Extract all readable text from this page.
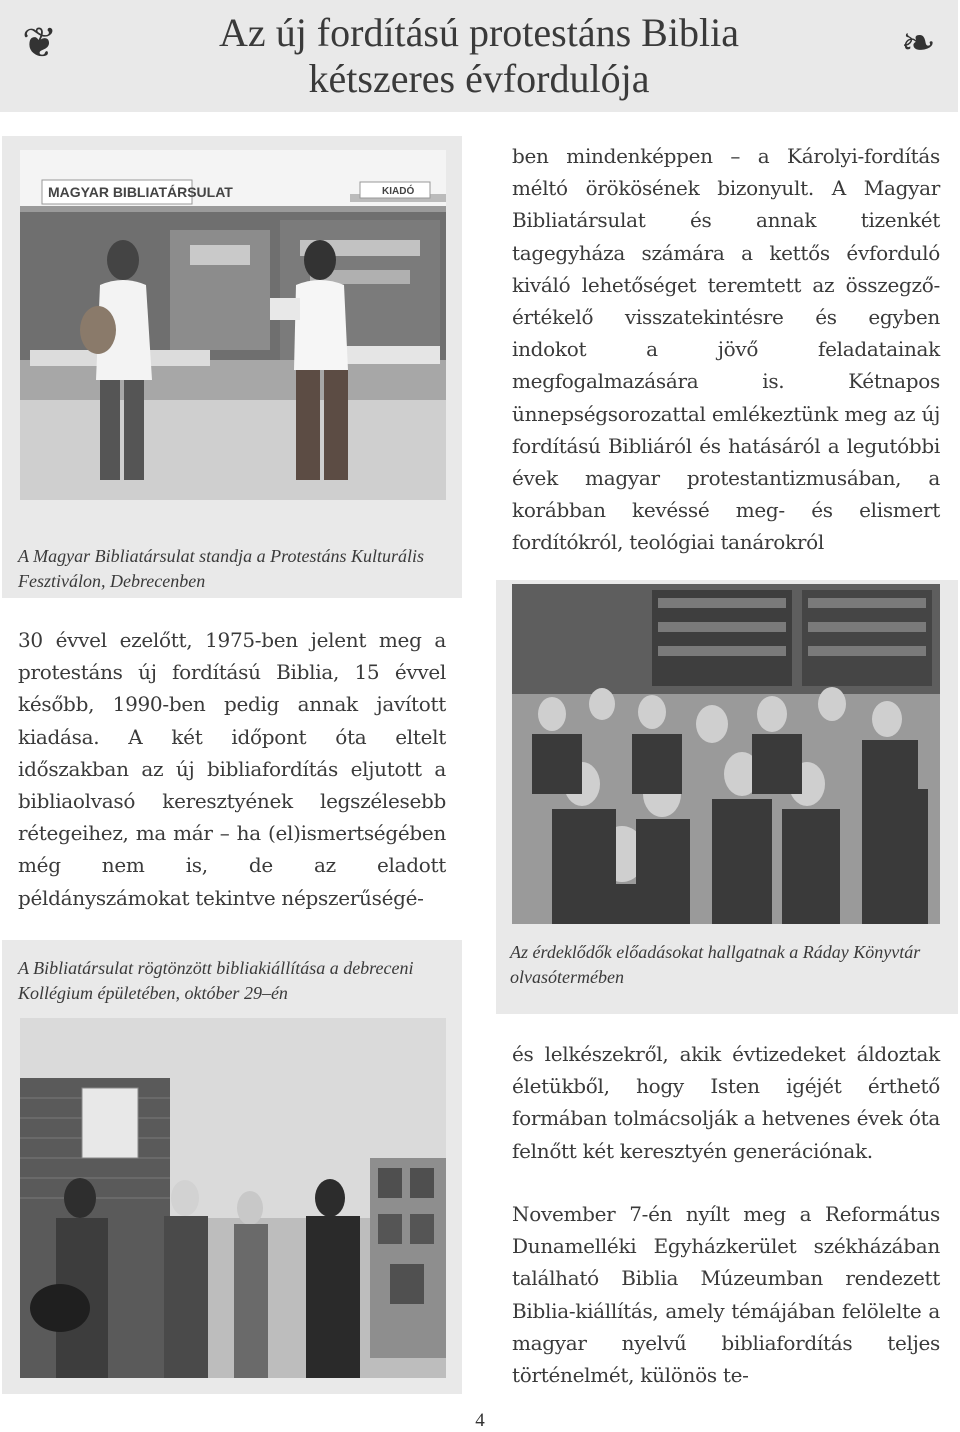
❦	Az új fordítású protestáns Biblia
kétszeres évfordulója
❧
MAGYAR BIBLIATÁRSULAT	KIADÓ

A Magyar Bibliatársulat standja a Protestáns Kulturális Fesztiválon, Debrecenben

30 évvel ezelőtt, 1975-ben jelent meg a protestáns új fordítású Biblia, 15 évvel később, 1990-ben pedig annak javított kiadása. A két időpont óta eltelt időszakban az új bibliafordítás eljutott a bibliaolvasó keresztyének legszélesebb rétegeihez, ma már – ha (el)ismertségében még nem is, de az eladott példányszámokat tekintve népszerűségé-

A Bibliatársulat rögtönzött bibliakiállítása a debreceni Kollégium épületében, október 29–én

ben mindenképpen – a Károlyi-fordítás méltó örökösének bizonyult. A Magyar Bibliatársulat és annak tizenkét tagegyháza számára a kettős évforduló kiváló lehetőséget teremtett az összegző-értékelő visszatekintésre és egyben indokot a jövő feladatainak megfogalmazására is. Kétnapos ünnepségsorozattal emlékeztünk meg az új fordítású Bibliáról és hatásáról a legutóbbi évek magyar protestantizmusában, a korábban kevéssé meg- és elismert fordítókról, teológiai tanárokról

Az érdeklődők előadásokat hallgatnak a Ráday Könyvtár olvasótermében

és lelkészekről, akik évtizedeket áldoztak életükből, hogy Isten igéjét érthető formában tolmácsolják a hetvenes évek óta felnőtt két keresztyén generációnak.

November 7-én nyílt meg a Református Dunamelléki Egyházkerület székházában található Biblia Múzeumban rendezett Biblia-kiállítás, amely témájában felölelte a magyar nyelvű bibliafordítás teljes történelmét, különös te-

4
